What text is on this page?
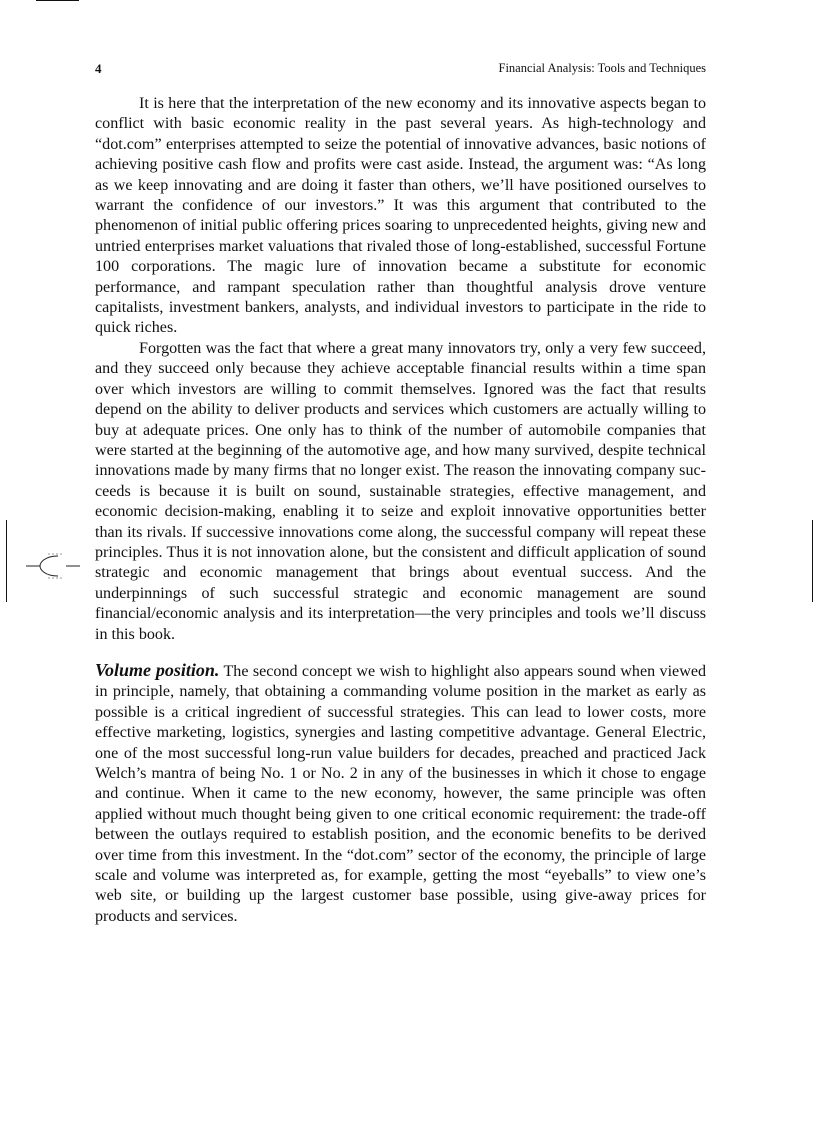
4	Financial Analysis: Tools and Techniques

It is here that the interpretation of the new economy and its innovative aspects began to conflict with basic economic reality in the past several years. As high-technology and “dot.com” enterprises attempted to seize the potential of innovative advances, basic notions of achieving positive cash flow and profits were cast aside. Instead, the argument was: “As long as we keep innovating and are doing it faster than others, we’ll have positioned ourselves to warrant the confidence of our investors.” It was this argument that contributed to the phenomenon of initial public offering prices soaring to unprecedented heights, giving new and untried enterprises market valuations that rivaled those of long-established, successful Fortune 100 corporations. The magic lure of innovation became a substitute for economic performance, and rampant speculation rather than thoughtful analysis drove venture capitalists, investment bankers, analysts, and individual investors to participate in the ride to quick riches.

Forgotten was the fact that where a great many innovators try, only a very few succeed, and they succeed only because they achieve acceptable financial results within a time span over which investors are willing to commit themselves. Ignored was the fact that results depend on the ability to deliver products and services which customers are actually willing to buy at adequate prices. One only has to think of the number of automobile companies that were started at the beginning of the automotive age, and how many survived, despite technical innovations made by many firms that no longer exist. The reason the innovating company succeeds is because it is built on sound, sustainable strategies, effective management, and economic decision-making, enabling it to seize and exploit innovative opportunities better than its rivals. If successive innovations come along, the successful company will repeat these principles. Thus it is not innovation alone, but the consistent and difficult application of sound strategic and economic management that brings about eventual success. And the underpinnings of such successful strategic and economic management are sound financial/economic analysis and its interpretation—the very principles and tools we’ll discuss in this book.

Volume position. The second concept we wish to highlight also appears sound when viewed in principle, namely, that obtaining a commanding volume position in the market as early as possible is a critical ingredient of successful strategies. This can lead to lower costs, more effective marketing, logistics, synergies and lasting competitive advantage. General Electric, one of the most successful long-run value builders for decades, preached and practiced Jack Welch’s mantra of being No. 1 or No. 2 in any of the businesses in which it chose to engage and continue. When it came to the new economy, however, the same principle was often applied without much thought being given to one critical economic requirement: the trade-off between the outlays required to establish position, and the economic benefits to be derived over time from this investment. In the “dot.com” sector of the economy, the principle of large scale and volume was interpreted as, for example, getting the most “eyeballs” to view one’s web site, or building up the largest customer base possible, using give-away prices for products and services.
